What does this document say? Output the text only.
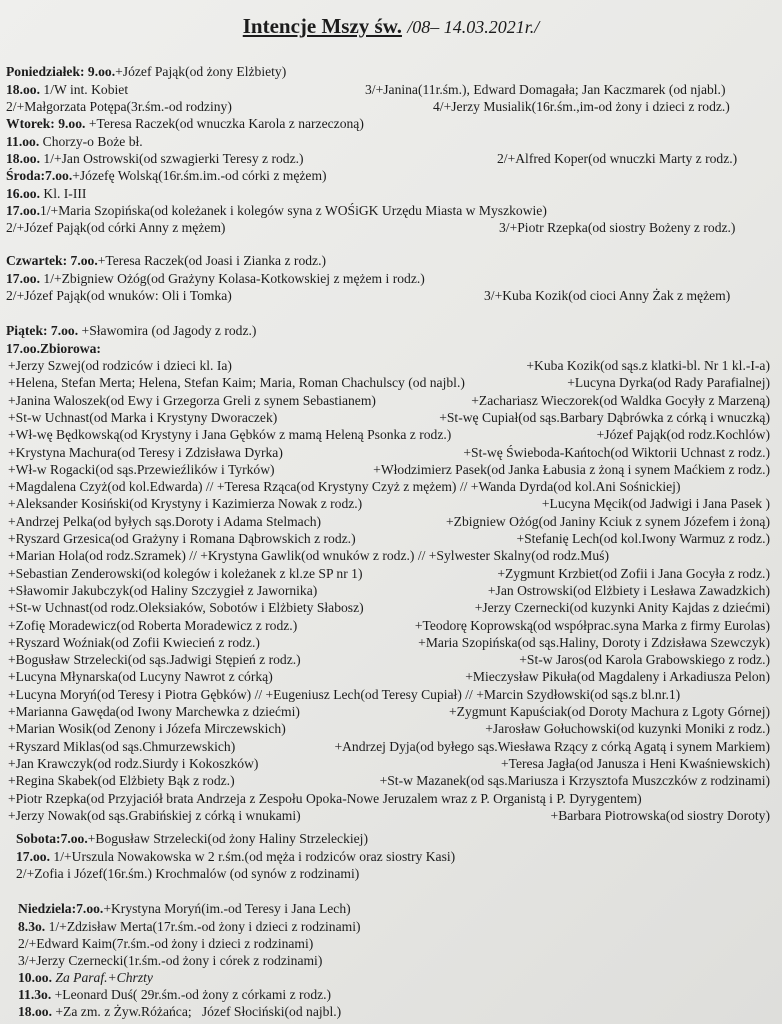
Intencje Mszy św. /08– 14.03.2021r./
Poniedziałek: 9.oo.+Józef Pająk(od żony Elżbiety)
18.oo. 1/W int. Kobiet	3/+Janina(11r.śm.), Edward Domagała; Jan Kaczmarek (od njabl.)
2/+Małgorzata Potępa(3r.śm.-od rodziny)	4/+Jerzy Musialik(16r.śm.,im-od żony i dzieci z rodz.)
Wtorek: 9.oo. +Teresa Raczek(od wnuczka Karola z narzeczoną)
11.oo. Chorzy-o Boże bł.
18.oo. 1/+Jan Ostrowski(od szwagierki Teresy z rodz.)	2/+Alfred Koper(od wnuczki Marty z rodz.)
Środa:7.oo.+Józefę Wolską(16r.śm.im.-od córki z mężem)
16.oo. Kl. I-III
17.oo.1/+Maria Szopińska(od koleżanek i kolegów syna z WOŚiGK Urzędu Miasta w Myszkowie)
2/+Józef Pająk(od córki Anny z mężem)	3/+Piotr Rzepka(od siostry Bożeny z rodz.)
Czwartek: 7.oo.+Teresa Raczek(od Joasi i Zianka z rodz.)
17.oo. 1/+Zbigniew Ożóg(od Grażyny Kolasa-Kotkowskiej z mężem i rodz.)
2/+Józef Pająk(od wnuków: Oli i Tomka)	3/+Kuba Kozik(od cioci Anny Żak z mężem)
Piątek: 7.oo. +Sławomira (od Jagody z rodz.)
17.oo.Zbiorowa:
+Jerzy Szwej(od rodziców i dzieci kl. Ia)	+Kuba Kozik(od sąs.z klatki-bl. Nr 1 kl.-I-a)
+Helena, Stefan Merta; Helena, Stefan Kaim; Maria, Roman Chachulscy (od najbl.)	+Lucyna Dyrka(od Rady Parafialnej)
+Janina Waloszek(od Ewy i Grzegorza Greli z synem Sebastianem)	+Zachariasz Wieczorek(od Waldka Gocyły z Marzeną)
+St-w Uchnast(od Marka i Krystyny Dworaczek)	+St-wę Cupiał(od sąs.Barbary Dąbrówka z córką i wnuczką)
+Wł-wę Będkowską(od Krystyny i Jana Gębków z mamą Heleną Psonka z rodz.)	+Józef Pająk(od rodz.Kochlów)
+Krystyna Machura(od Teresy i Zdzisława Dyrka)	+St-wę Świeboda-Kańtoch(od Wiktorii Uchnast z rodz.)
+Wł-w Rogacki(od sąs.Przewieźlików i Tyrków)	+Włodzimierz Pasek(od Janka Łabusia z żoną i synem Maćkiem z rodz.)
+Magdalena Czyż(od kol.Edwarda) // +Teresa Rząca(od Krystyny Czyż z mężem) // +Wanda Dyrda(od kol.Ani Sośnickiej)
+Aleksander Kosiński(od Krystyny i Kazimierza Nowak z rodz.)	+Lucyna Męcik(od Jadwigi i Jana Pasek )
+Andrzej Pelka(od byłych sąs.Doroty i Adama Stelmach)	+Zbigniew Ożóg(od Janiny Kciuk z synem Józefem i żoną)
+Ryszard Grzesica(od Grażyny i Romana Dąbrowskich z rodz.)	+Stefanię Lech(od kol.Iwony Warmuz z rodz.)
+Marian Hola(od rodz.Szramek) // +Krystyna Gawlik(od wnuków z rodz.) // +Sylwester Skalny(od rodz.Muś)
+Sebastian Zenderowski(od kolegów i koleżanek z kl.ze SP nr 1)	+Zygmunt Krzbiet(od Zofii i Jana Gocyła z rodz.)
+Sławomir Jakubczyk(od Haliny Szczygieł z Jawornika)	+Jan Ostrowski(od Elżbiety i Lesława Zawadzkich)
+St-w Uchnast(od rodz.Oleksiaków, Sobotów i Elżbiety Słabosz)	+Jerzy Czernecki(od kuzynki Anity Kajdas z dziećmi)
+Zofię Moradewicz(od Roberta Moradewicz z rodz.)	+Teodorę Koprowską(od współprac.syna Marka z firmy Eurolas)
+Ryszard Woźniak(od Zofii Kwiecień z rodz.)	+Maria Szopińska(od sąs.Haliny, Doroty i Zdzisława Szewczyk)
+Bogusław Strzelecki(od sąs.Jadwigi Stępień z rodz.)	+St-w Jaros(od Karola Grabowskiego z rodz.)
+Lucyna Młynarska(od Lucyny Nawrot z córką)	+Mieczysław Pikuła(od Magdaleny i Arkadiusza Pelon)
+Lucyna Moryń(od Teresy i Piotra Gębków) // +Eugeniusz Lech(od Teresy Cupiał) // +Marcin Szydłowski(od sąs.z bl.nr.1)
+Marianna Gawęda(od Iwony Marchewka z dziećmi)	+Zygmunt Kapuściak(od Doroty Machura z Lgoty Górnej)
+Marian Wosik(od Zenony i Józefa Mirczewskich)	+Jarosław Gołuchowski(od kuzynki Moniki z rodz.)
+Ryszard Miklas(od sąs.Chmurzewskich)	+Andrzej Dyja(od byłego sąs.Wiesława Rzący z córką Agatą i synem Markiem)
+Jan Krawczyk(od rodz.Siurdy i Kokoszków)	+Teresa Jagła(od Janusza i Heni Kwaśniewskich)
+Regina Skabek(od Elżbiety Bąk z rodz.)	+St-w Mazanek(od sąs.Mariusza i Krzysztofa Muszczków z rodzinami)
+Piotr Rzepka(od Przyjaciół brata Andrzeja z Zespołu Opoka-Nowe Jeruzalem wraz z P. Organistą i P. Dyrygentem)
+Jerzy Nowak(od sąs.Grabińskiej z córką i wnukami)	+Barbara Piotrowska(od siostry Doroty)
Sobota:7.oo.+Bogusław Strzelecki(od żony Haliny Strzeleckiej)
17.oo. 1/+Urszula Nowakowska w 2 r.śm.(od męża i rodziców oraz siostry Kasi)
2/+Zofia i Józef(16r.śm.) Krochmalów (od synów z rodzinami)
Niedziela:7.oo.+Krystyna Moryń(im.-od Teresy i Jana Lech)
8.3o. 1/+Zdzisław Merta(17r.śm.-od żony i dzieci z rodzinami)
2/+Edward Kaim(7r.śm.-od żony i dzieci z rodzinami)
3/+Jerzy Czernecki(1r.śm.-od żony i córek z rodzinami)
10.oo. Za Paraf.+Chrzty
11.3o. +Leonard Duś( 29r.śm.-od żony z córkami z rodz.)
18.oo. +Za zm. z Żyw.Różańca; Józef Słociński(od najbl.)
